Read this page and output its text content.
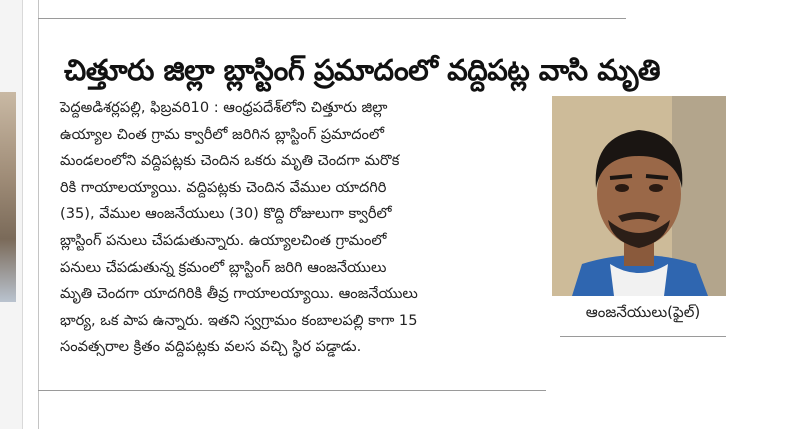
చిత్తూరు జిల్లా బ్లాస్టింగ్ ప్రమాదంలో వద్దిపట్ల వాసి మృతి
పెద్దఅడిశర్లపల్లి, ఫిబ్రవరి10 : ఆంధ్రపదేశ్‌లోని చిత్తూరు జిల్లా
ఉయ్యాల చింత గ్రామ క్వారీలో జరిగిన బ్లాస్టింగ్ ప్రమాదంలో
మండలంలోని వద్దిపట్లకు చెందిన ఒకరు మృతి చెందగా మరొక
రికి గాయాలయ్యాయి. వద్దిపట్లకు చెందిన వేముల యాదగిరి
(35), వేముల ఆంజనేయులు (30) కొద్ది రోజులుగా క్వారీలో
బ్లాస్టింగ్ పనులు చేపడుతున్నారు. ఉయ్యాలచింత గ్రామంలో
పనులు చేపడుతున్న క్రమంలో బ్లాస్టింగ్ జరిగి ఆంజనేయులు
మృతి చెందగా యాదగిరికి తీవ్ర గాయాలయ్యాయి. ఆంజనేయులు
భార్య, ఒక పాప ఉన్నారు. ఇతని స్వగ్రామం కంబాలపల్లి కాగా 15
సంవత్సరాల క్రితం వద్దిపట్లకు వలస వచ్చి స్థిర పడ్డాడు.
ఆంజనేయులు(ఫైల్)
